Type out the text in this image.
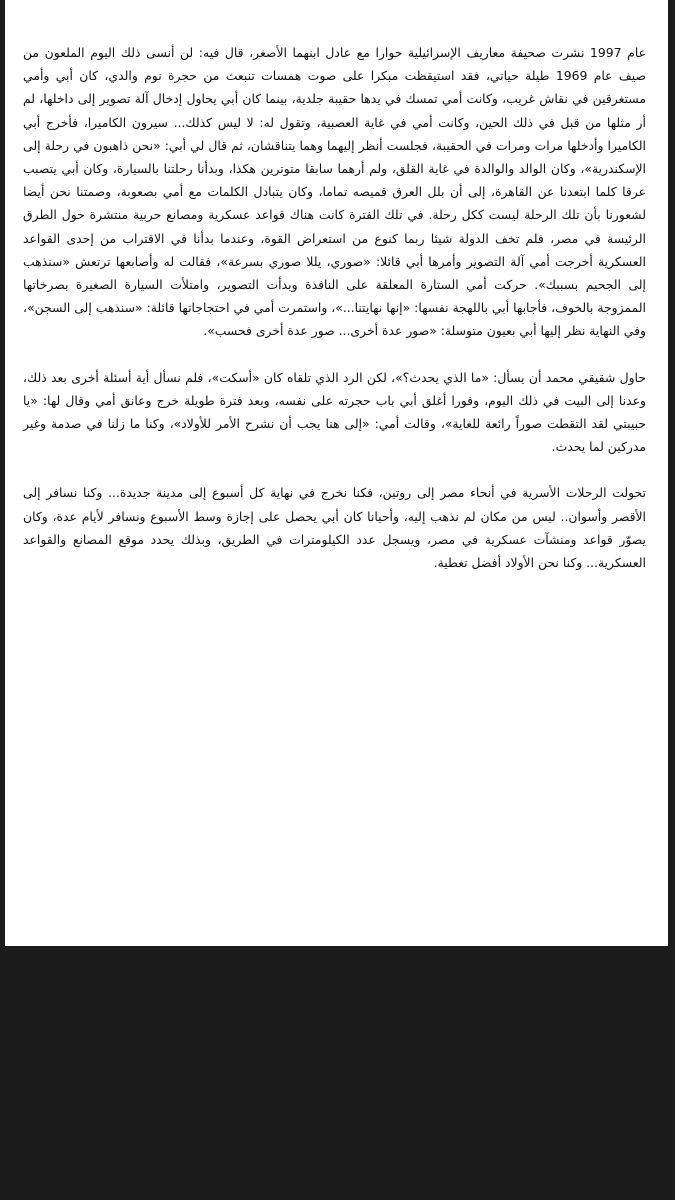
عام 1997 نشرت صحيفة معاريف الإسرائيلية حوارا مع عادل ابنهما الأصغر، قال فيه: لن أنسى ذلك اليوم الملعون من صيف عام 1969 طيلة حياتي، فقد استيقظت مبكرا على صوت همسات تنبعث من حجرة نوم والدي، كان أبي وأمي مستغرقين في نقاش غريب، وكانت أمي تمسك في يدها حقيبة جلدية، بينما كان أبي يحاول إدخال آلة تصوير إلى داخلها، لم أر مثلها من قبل في ذلك الحين، وكانت أمي في غاية العصبية، وتقول له: لا ليس كذلك... سيرون الكاميرا، فأخرج أبي الكاميرا وأدخلها مرات ومرات في الحقيبة، فجلست أنظر إليهما وهما يتناقشان، ثم قال لي أبي: «نحن ذاهبون في رحلة إلى الإسكندرية»، وكان الوالد والوالدة في غاية القلق، ولم أرهما سابقا متوترين هكذا، وبدأنا رحلتنا بالسيارة، وكان أبي يتصبب عرقا كلما ابتعدنا عن القاهرة، إلى أن بلل العرق قميصه تماما، وكان يتبادل الكلمات مع أمي بصعوبة، وصمتنا نحن أيضا لشعورنا بأن تلك الرحلة ليست ككل رحلة. في تلك الفترة كانت هناك قواعد عسكرية ومصانع حربية منتشرة حول الطرق الرئيسة في مصر، فلم تخف الدولة شيئا ربما كنوع من استعراض القوة، وعندما بدأنا في الاقتراب من إحدى القواعد العسكرية أخرجت أمي آلة التصوير وأمرها أبي قائلا: «صوري، يللا صوري بسرعة»، فقالت له وأصابعها ترتعش «سنذهب إلى الجحيم بسببك». حركت أمي الستارة المعلقة على النافذة وبدأت التصوير، وامتلأت السيارة الصغيرة بصرخاتها الممزوجة بالخوف، فأجابها أبي باللهجة نفسها: «إنها نهايتنا...»، واستمرت أمي في احتجاجاتها قائلة: «سنذهب إلى السجن»، وفي النهاية نظر إليها أبي بعيون متوسلة: «صور عدة أخرى... صور عدة أخرى فحسب».

حاول شقيقي محمد أن يسأل: «ما الذي يحدث؟»، لكن الرد الذي تلقاه كان «أسكت»، فلم نسأل أية أسئلة أخرى بعد ذلك، وعدنا إلى البيت في ذلك اليوم، وفورا أغلق أبي باب حجرته على نفسه، وبعد فترة طويلة خرج وعانق أمي وقال لها: «يا حبيبتي لقد التقطت صوراً رائعة للغاية»، وقالت أمي: «إلى هنا يجب أن نشرح الأمر للأولاد»، وكنا ما زلنا في صدمة وغير مدركين لما يحدث.

تحولت الرحلات الأسرية في أنحاء مصر إلى روتين، فكنا نخرج في نهاية كل أسبوع إلى مدينة جديدة... وكنا نسافر إلى الأقصر وأسوان.. ليس من مكان لم نذهب إليه، وأحيانا كان أبي يحصل على إجازة وسط الأسبوع ونسافر لأيام عدة، وكان يصوّر قواعد ومنشآت عسكرية في مصر، ويسجل عدد الكيلومترات في الطريق، وبذلك يحدد موقع المصانع والقواعد العسكرية... وكنا نحن الأولاد أفضل تغطية.
